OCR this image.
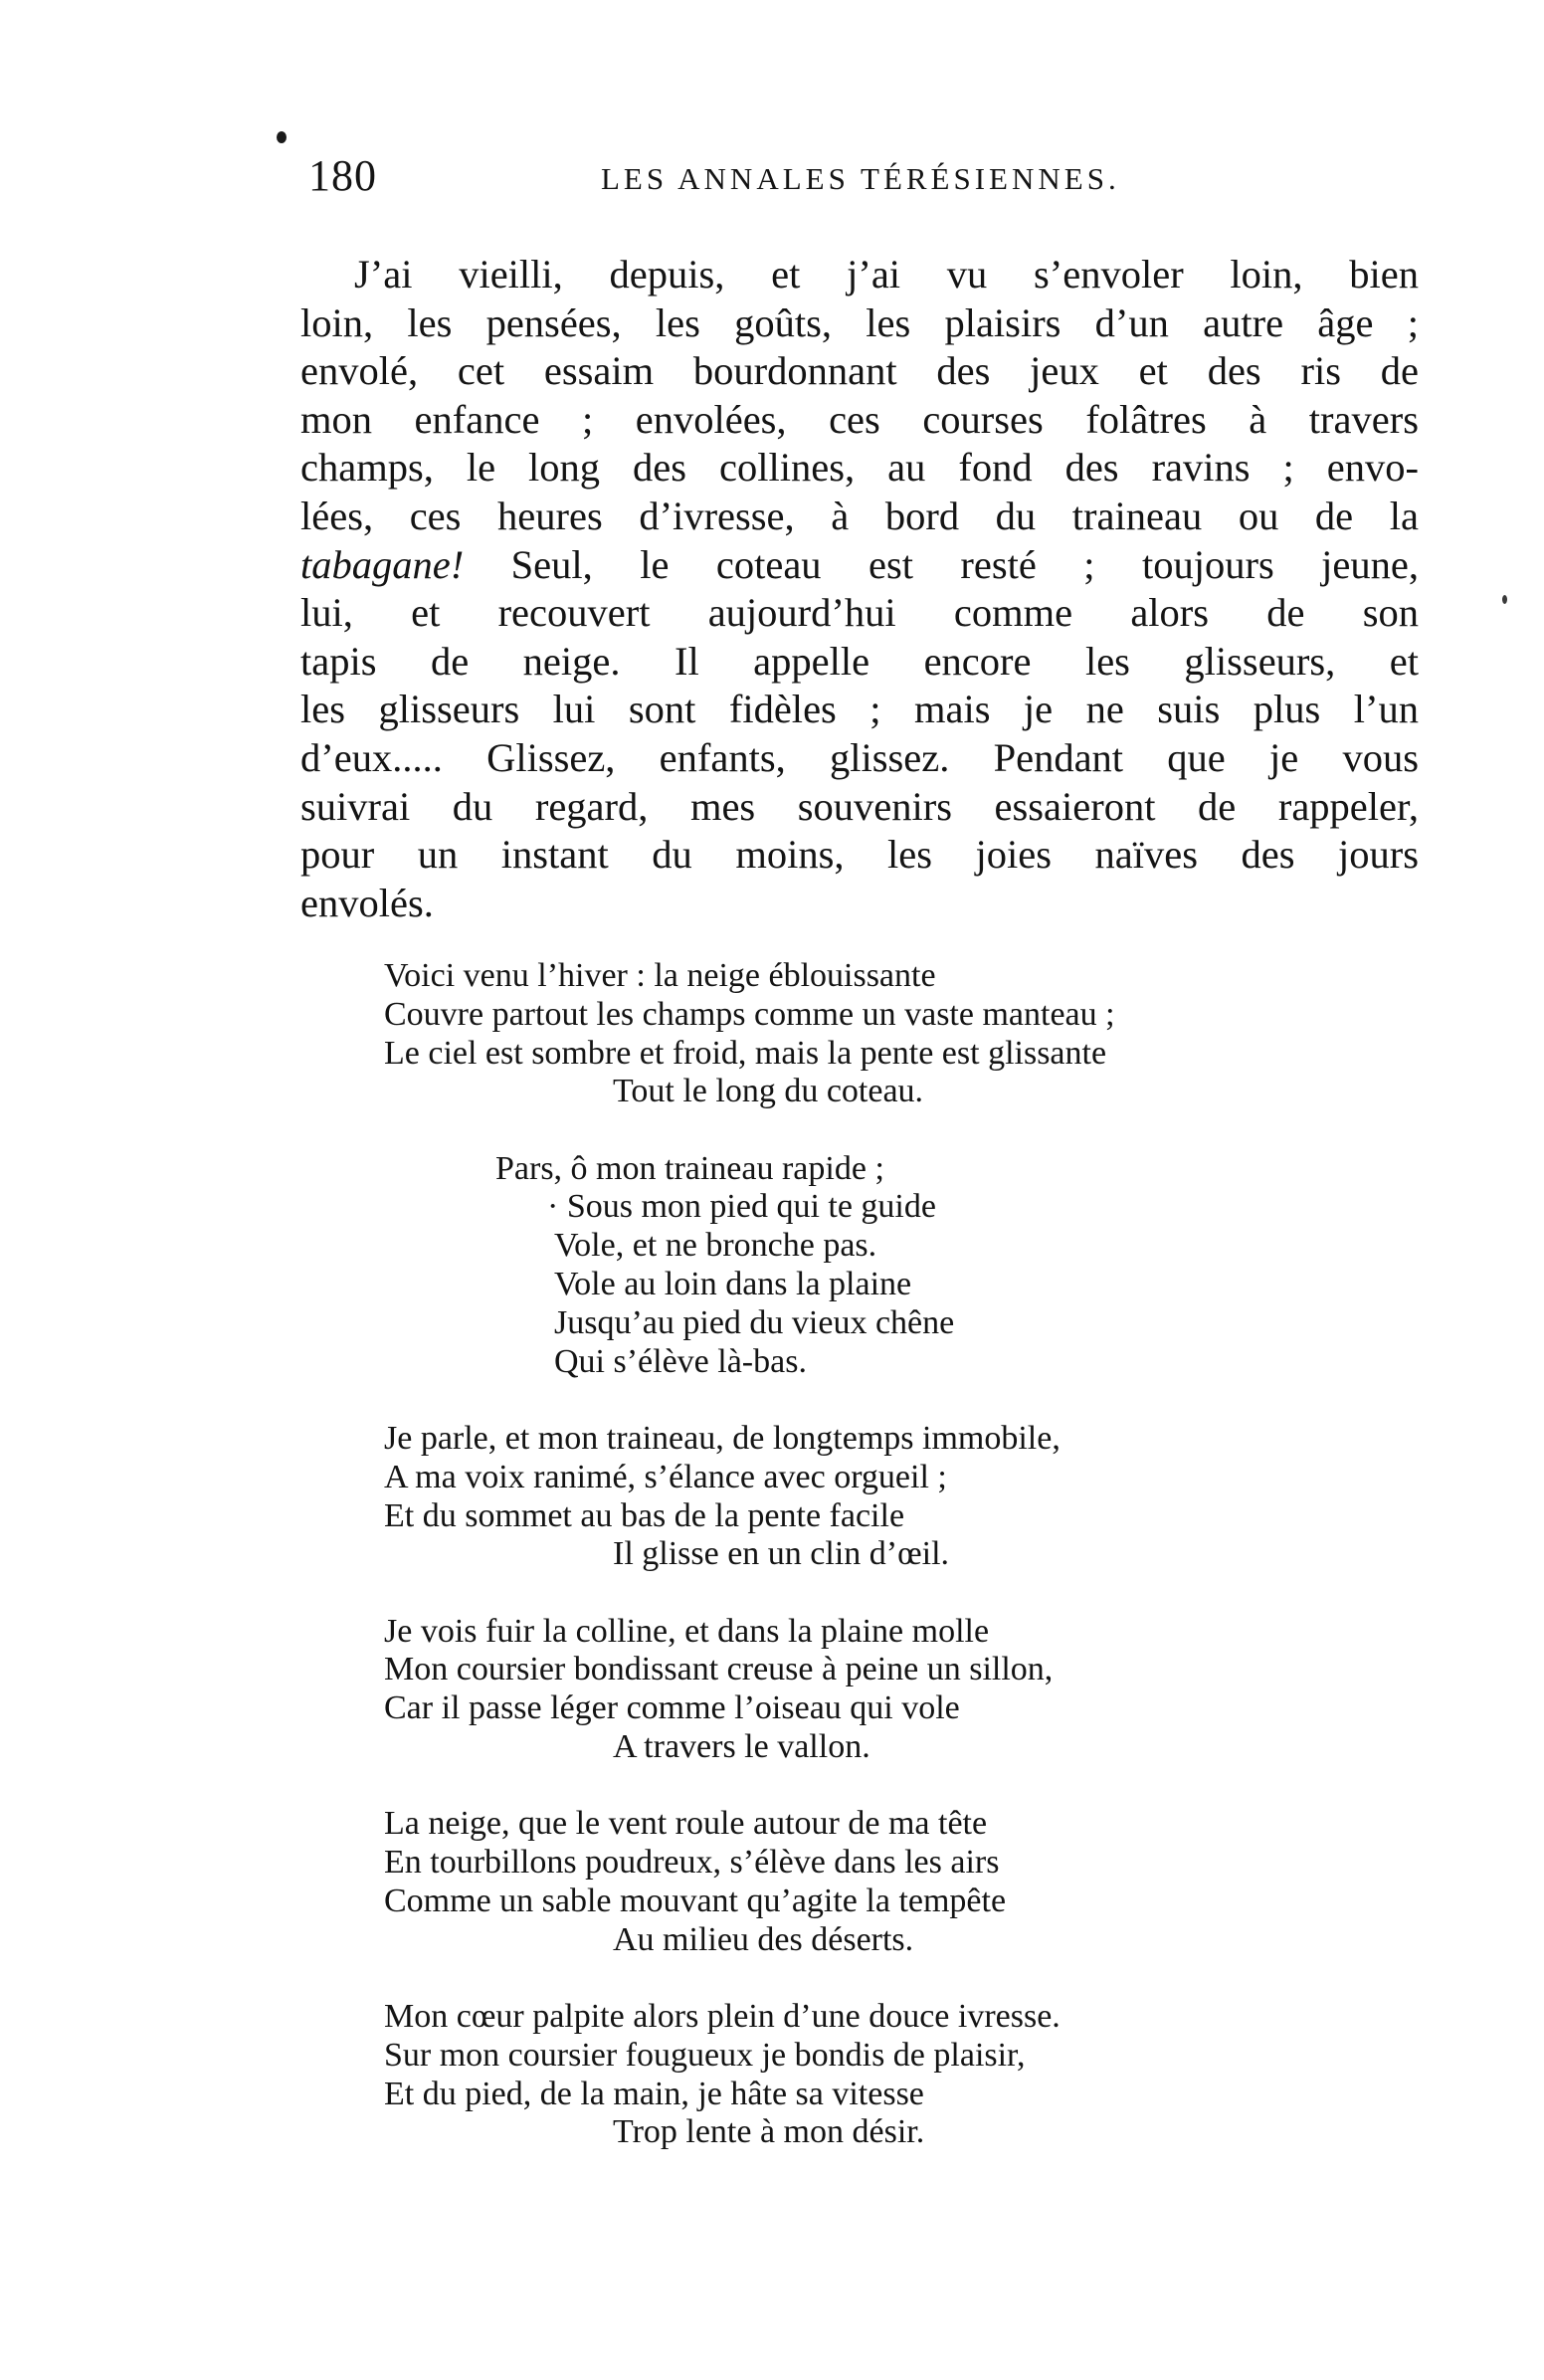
180	LES ANNALES TÉRÉSIENNES.
J’ai vieilli, depuis, et j’ai vu s’envoler loin, bien
loin, les pensées, les goûts, les plaisirs d’un autre âge ;
envolé, cet essaim bourdonnant des jeux et des ris de
mon enfance ; envolées, ces courses folâtres à travers
champs, le long des collines, au fond des ravins ; envo-
lées, ces heures d’ivresse, à bord du traineau ou de la
tabagane! Seul, le coteau est resté ; toujours jeune,
lui, et recouvert aujourd’hui comme alors de son
tapis de neige. Il appelle encore les glisseurs, et
les glisseurs lui sont fidèles ; mais je ne suis plus l’un
d’eux..... Glissez, enfants, glissez. Pendant que je vous
suivrai du regard, mes souvenirs essaieront de rappeler,
pour un instant du moins, les joies naïves des jours
envolés.
Voici venu l’hiver : la neige éblouissante
Couvre partout les champs comme un vaste manteau ;
Le ciel est sombre et froid, mais la pente est glissante
Tout le long du coteau.
Pars, ô mon traineau rapide ;
· Sous mon pied qui te guide
Vole, et ne bronche pas.
Vole au loin dans la plaine
Jusqu’au pied du vieux chêne
Qui s’élève là-bas.
Je parle, et mon traineau, de longtemps immobile,
A ma voix ranimé, s’élance avec orgueil ;
Et du sommet au bas de la pente facile
Il glisse en un clin d’œil.
Je vois fuir la colline, et dans la plaine molle
Mon coursier bondissant creuse à peine un sillon,
Car il passe léger comme l’oiseau qui vole
A travers le vallon.
La neige, que le vent roule autour de ma tête
En tourbillons poudreux, s’élève dans les airs
Comme un sable mouvant qu’agite la tempête
Au milieu des déserts.
Mon cœur palpite alors plein d’une douce ivresse.
Sur mon coursier fougueux je bondis de plaisir,
Et du pied, de la main, je hâte sa vitesse
Trop lente à mon désir.
